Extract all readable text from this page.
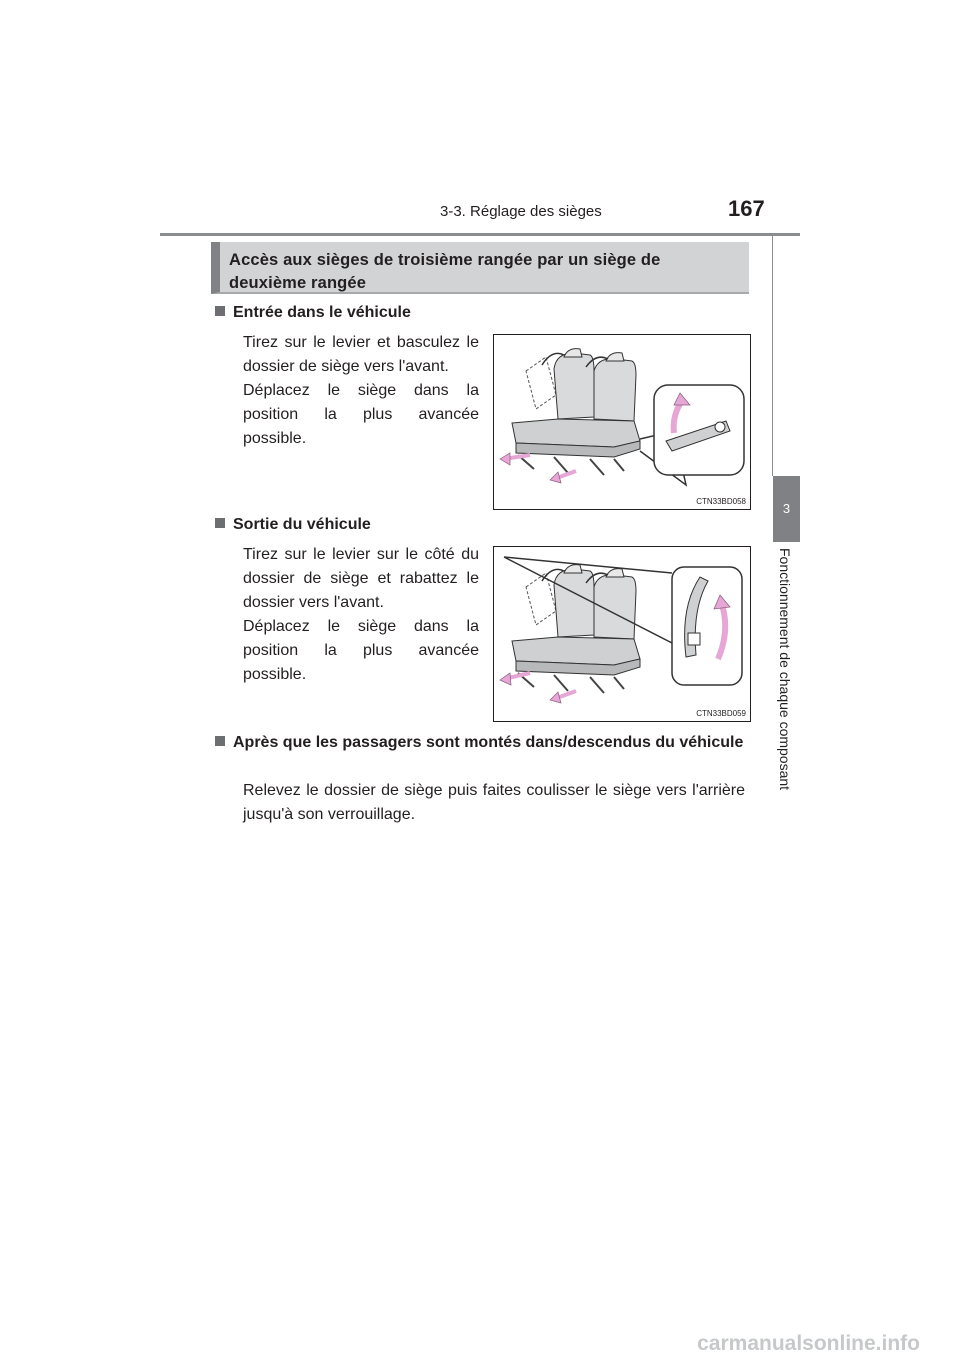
3-3. Réglage des sièges	167
3
Fonctionnement de chaque composant
Accès aux sièges de troisième rangée par un siège de deuxième rangée
Entrée dans le véhicule
Tirez sur le levier et basculez le dossier de siège vers l'avant.
Déplacez le siège dans la position la plus avancée possible.
CTN33BD058
Sortie du véhicule
Tirez sur le levier sur le côté du dossier de siège et rabattez le dossier vers l'avant.
Déplacez le siège dans la position la plus avancée possible.
CTN33BD059
Après que les passagers sont montés dans/descendus du véhicule
Relevez le dossier de siège puis faites coulisser le siège vers l'arrière jusqu'à son verrouillage.
carmanualsonline.info
